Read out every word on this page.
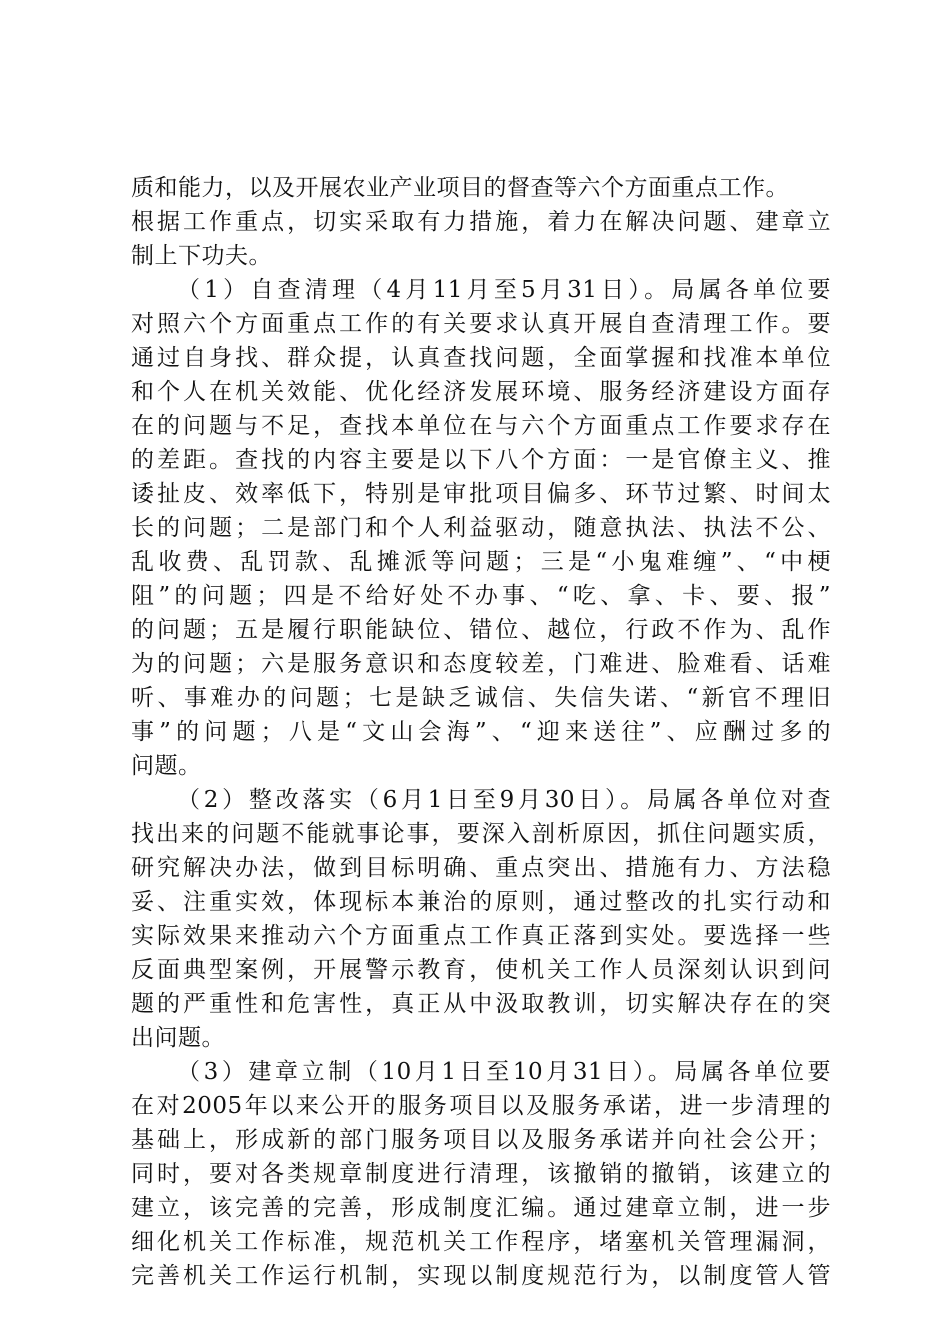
质和能力，以及开展农业产业项目的督查等六个方面重点工作。
根据工作重点，切实采取有力措施，着力在解决问题、建章立
制上下功夫。
（1）自查清理（4月11月至5月31日）。局属各单位要
对照六个方面重点工作的有关要求认真开展自查清理工作。要
通过自身找、群众提，认真查找问题，全面掌握和找准本单位
和个人在机关效能、优化经济发展环境、服务经济建设方面存
在的问题与不足，查找本单位在与六个方面重点工作要求存在
的差距。查找的内容主要是以下八个方面：一是官僚主义、推
诿扯皮、效率低下，特别是审批项目偏多、环节过繁、时间太
长的问题；二是部门和个人利益驱动，随意执法、执法不公、
乱收费、乱罚款、乱摊派等问题；三是“小鬼难缠”、“中梗
阻”的问题；四是不给好处不办事、“吃、拿、卡、要、报”
的问题；五是履行职能缺位、错位、越位，行政不作为、乱作
为的问题；六是服务意识和态度较差，门难进、脸难看、话难
听、事难办的问题；七是缺乏诚信、失信失诺、“新官不理旧
事”的问题；八是“文山会海”、“迎来送往”、应酬过多的
问题。
（2）整改落实（6月1日至9月30日）。局属各单位对查
找出来的问题不能就事论事，要深入剖析原因，抓住问题实质，
研究解决办法，做到目标明确、重点突出、措施有力、方法稳
妥、注重实效，体现标本兼治的原则，通过整改的扎实行动和
实际效果来推动六个方面重点工作真正落到实处。要选择一些
反面典型案例，开展警示教育，使机关工作人员深刻认识到问
题的严重性和危害性，真正从中汲取教训，切实解决存在的突
出问题。
（3）建章立制（10月1日至10月31日）。局属各单位要
在对2005年以来公开的服务项目以及服务承诺，进一步清理的
基础上，形成新的部门服务项目以及服务承诺并向社会公开；
同时，要对各类规章制度进行清理，该撤销的撤销，该建立的
建立，该完善的完善，形成制度汇编。通过建章立制，进一步
细化机关工作标准，规范机关工作程序，堵塞机关管理漏洞，
完善机关工作运行机制，实现以制度规范行为，以制度管人管
